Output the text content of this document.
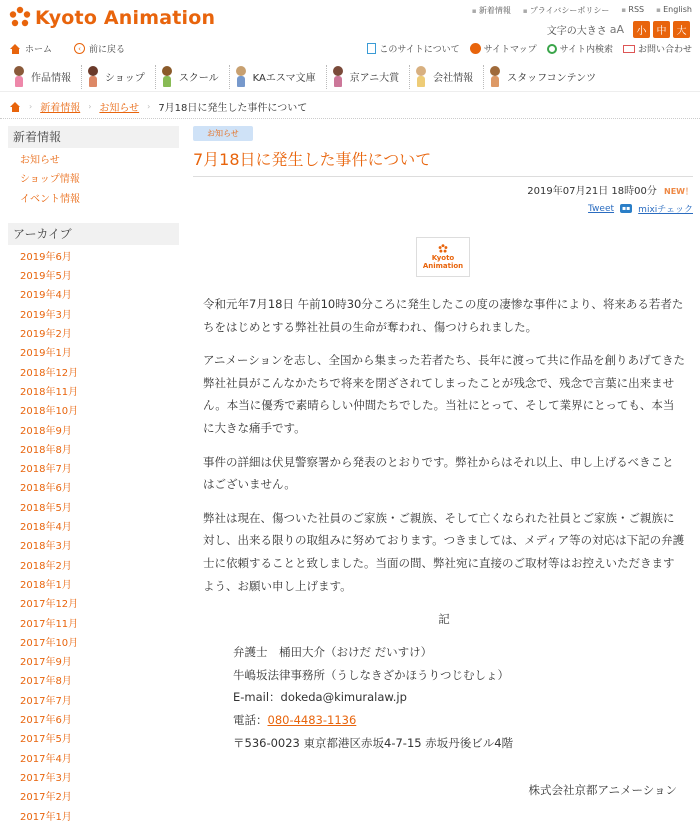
Kyoto Animation	▪ 新着情報	▪ プライバシーポリシー	▪ RSS	▪ English
文字の大きさ aA	小	中	大
ホーム	‹ 前に戻る	このサイトについて	サイトマップ	サイト内検索	お問い合わせ
作品情報	ショップ	スクール	KAエスマ文庫	京アニ大賞	会社情報	スタッフコンテンツ
› 新着情報 › お知らせ › 7月18日に発生した事件について
新着情報
お知らせ
ショップ情報
イベント情報
アーカイブ
2019年6月
2019年5月
2019年4月
2019年3月
2019年2月
2019年1月
2018年12月
2018年11月
2018年10月
2018年9月
2018年8月
2018年7月
2018年6月
2018年5月
2018年4月
2018年3月
2018年2月
2018年1月
2017年12月
2017年11月
2017年10月
2017年9月
2017年8月
2017年7月
2017年6月
2017年5月
2017年4月
2017年3月
2017年2月
2017年1月
お知らせ
7月18日に発生した事件について
2019年07月21日 18時00分 NEW！
Tweet	▪▪ mixiチェック
Kyoto
Animation

令和元年7月18日 午前10時30分ころに発生したこの度の凄惨な事件により、将来ある若者たちをはじめとする弊社社員の生命が奪われ、傷つけられました。

アニメーションを志し、全国から集まった若者たち、長年に渡って共に作品を創りあげてきた弊社社員がこんなかたちで将来を閉ざされてしまったことが残念で、残念で言葉に出来ません。本当に優秀で素晴らしい仲間たちでした。当社にとって、そして業界にとっても、本当に大きな痛手です。

事件の詳細は伏見警察署から発表のとおりです。弊社からはそれ以上、申し上げるべきことはございません。

弊社は現在、傷ついた社員のご家族・ご親族、そして亡くなられた社員とご家族・ご親族に対し、出来る限りの取組みに努めております。つきましては、メディア等の対応は下記の弁護士に依頼することと致しました。当面の間、弊社宛に直接のご取材等はお控えいただきますよう、お願い申し上げます。

記
弁護士　桶田大介（おけだ だいすけ）
牛嶋坂法律事務所（うしなきざかほうりつじむしょ）
E-mail：dokeda@kimuralaw.jp
電話：080-4483-1136
〒536-0023 東京都港区赤坂4-7-15 赤坂丹後ビル4階
株式会社京都アニメーション
